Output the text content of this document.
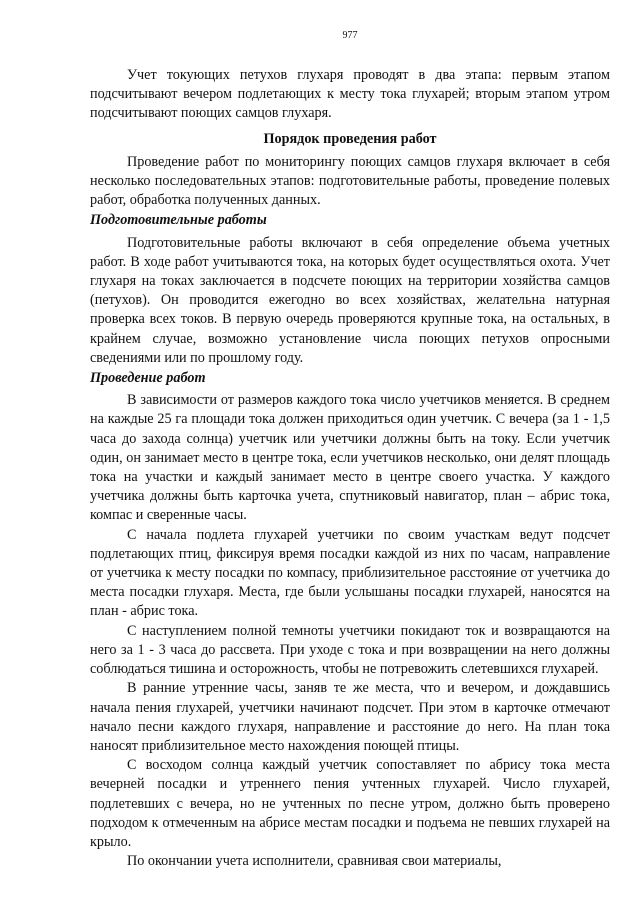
977

Учет токующих петухов глухаря проводят в два этапа: первым этапом подсчитывают вечером подлетающих к месту тока глухарей; вторым этапом утром подсчитывают поющих самцов глухаря.

Порядок проведения работ

Проведение работ по мониторингу поющих самцов глухаря включает в себя несколько последовательных этапов: подготовительные работы, проведение полевых работ, обработка полученных данных.

Подготовительные работы

Подготовительные работы включают в себя определение объема учетных работ. В ходе работ учитываются тока, на которых будет осуществляться охота. Учет глухаря на токах заключается в подсчете поющих на территории хозяйства самцов (петухов). Он проводится ежегодно во всех хозяйствах, желательна натурная проверка всех токов. В первую очередь проверяются крупные тока, на остальных, в крайнем случае, возможно установление числа поющих петухов опросными сведениями или по прошлому году.

Проведение работ

В зависимости от размеров каждого тока число учетчиков меняется. В среднем на каждые 25 га площади тока должен приходиться один учетчик. С вечера (за 1 - 1,5 часа до захода солнца) учетчик или учетчики должны быть на току. Если учетчик один, он занимает место в центре тока, если учетчиков несколько, они делят площадь тока на участки и каждый занимает место в центре своего участка. У каждого учетчика должны быть карточка учета, спутниковый навигатор, план – абрис тока, компас и сверенные часы.

С начала подлета глухарей учетчики по своим участкам ведут подсчет подлетающих птиц, фиксируя время посадки каждой из них по часам, направление от учетчика к месту посадки по компасу, приблизительное расстояние от учетчика до места посадки глухаря. Места, где были услышаны посадки глухарей, наносятся на план - абрис тока.

С наступлением полной темноты учетчики покидают ток и возвращаются на него за 1 - 3 часа до рассвета. При уходе с тока и при возвращении на него должны соблюдаться тишина и осторожность, чтобы не потревожить слетевшихся глухарей.

В ранние утренние часы, заняв те же места, что и вечером, и дождавшись начала пения глухарей, учетчики начинают подсчет. При этом в карточке отмечают начало песни каждого глухаря, направление и расстояние до него. На план тока наносят приблизительное место нахождения поющей птицы.

С восходом солнца каждый учетчик сопоставляет по абрису тока места вечерней посадки и утреннего пения учтенных глухарей. Число глухарей, подлетевших с вечера, но не учтенных по песне утром, должно быть проверено подходом к отмеченным на абрисе местам посадки и подъема не певших глухарей на крыло.

По окончании учета исполнители, сравнивая свои материалы,
